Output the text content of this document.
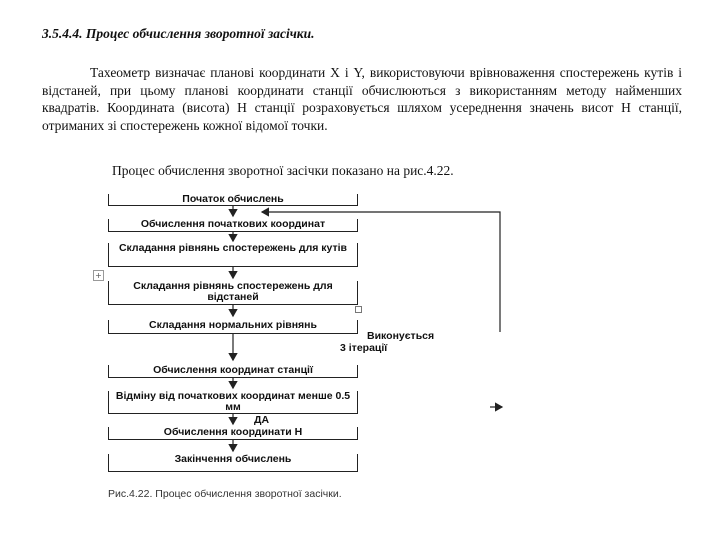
3.5.4.4. Процес обчислення зворотної засічки.
Тахеометр визначає планові координати X і Y, використовуючи врівноваження спостережень кутів і відстаней, при цьому планові координати станції обчислюються з використанням методу найменших квадратів. Координата (висота) H станції розраховується шляхом усереднення значень висот H станції, отриманих зі спостережень кожної відомої точки.
Процес обчислення зворотної засічки показано на рис.4.22.
+
Початок обчислень
Обчислення початкових координат
Складання рівнянь спостережень для кутів
Складання рівнянь спостережень для відстаней
Складання нормальних рівнянь
Обчислення координат станції
Відміну від початкових координат менше 0.5 мм
Обчислення координати H
Закінчення обчислень
Виконується
3 ітерації
ДА
Рис.4.22. Процес обчислення зворотної засічки.
